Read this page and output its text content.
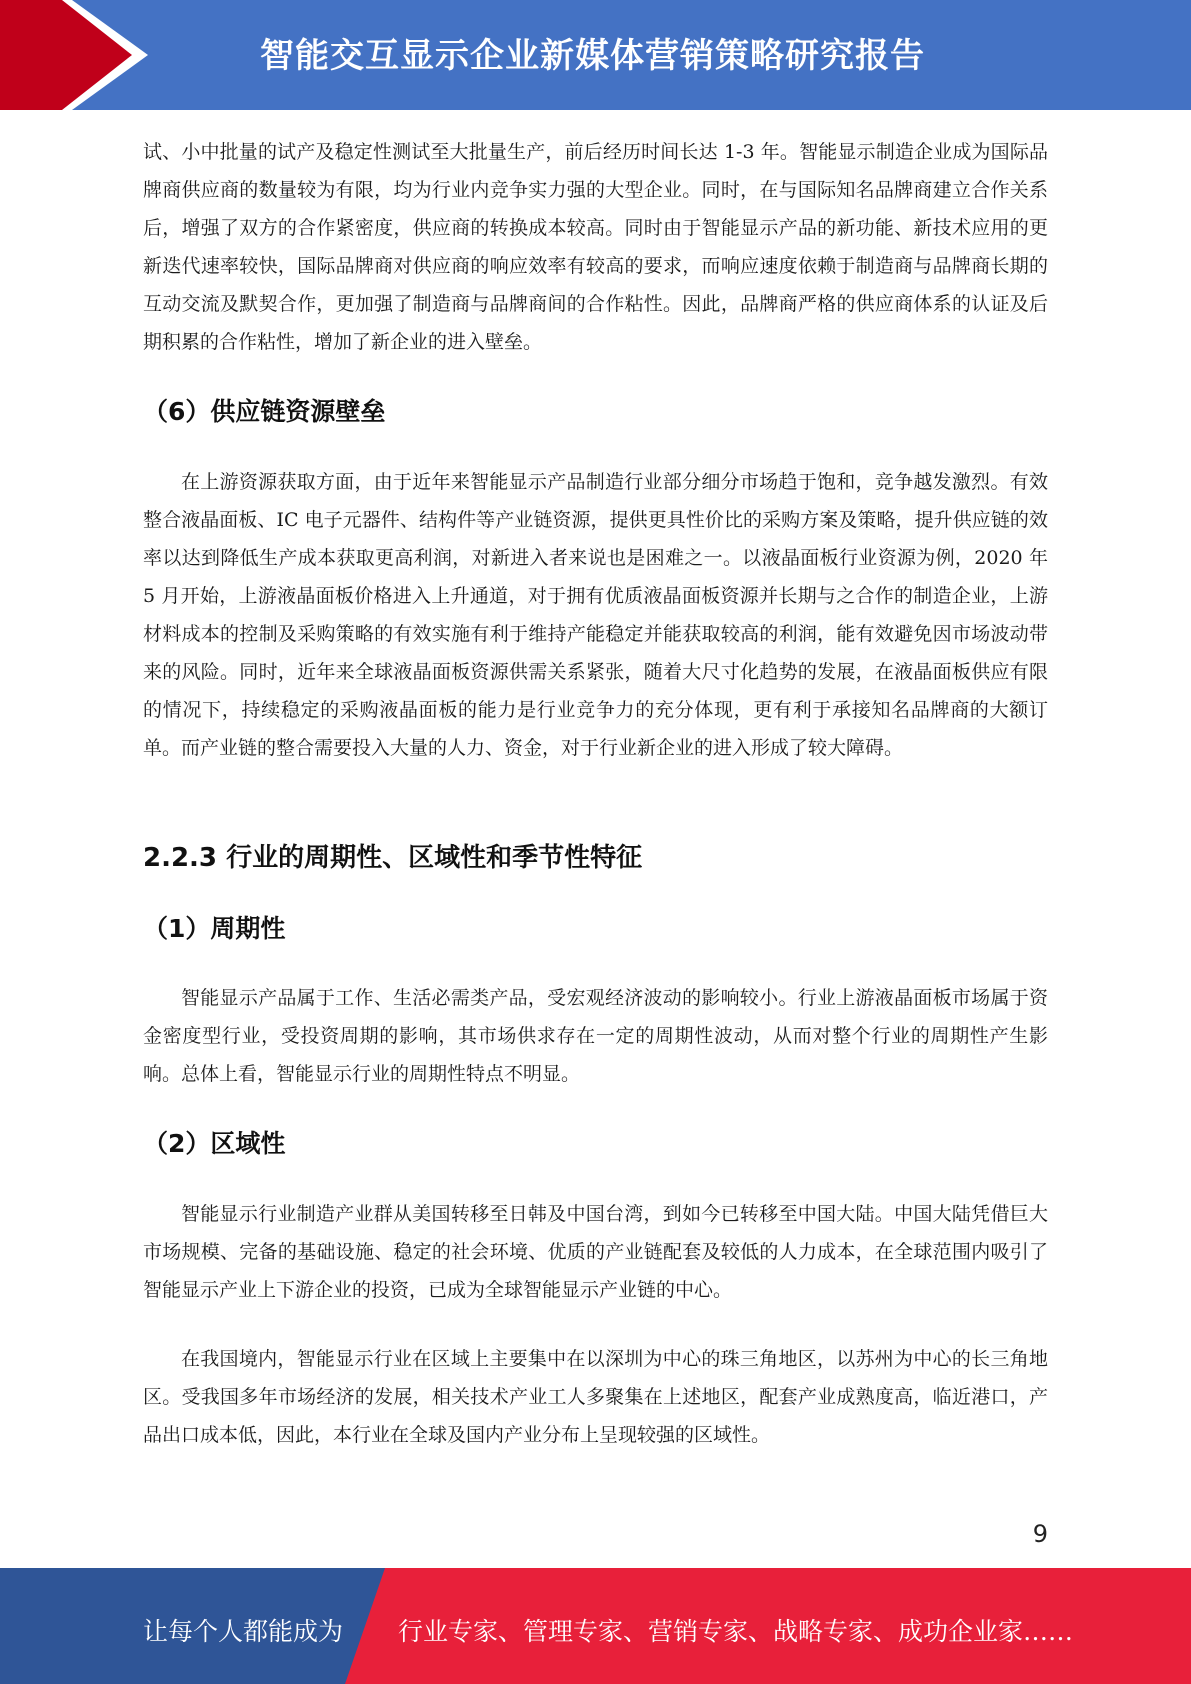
智能交互显示企业新媒体营销策略研究报告

试、小中批量的试产及稳定性测试至大批量生产，前后经历时间长达 1-3 年。智能显示制造企业成为国际品牌商供应商的数量较为有限，均为行业内竞争实力强的大型企业。同时，在与国际知名品牌商建立合作关系后，增强了双方的合作紧密度，供应商的转换成本较高。同时由于智能显示产品的新功能、新技术应用的更新迭代速率较快，国际品牌商对供应商的响应效率有较高的要求，而响应速度依赖于制造商与品牌商长期的互动交流及默契合作，更加强了制造商与品牌商间的合作粘性。因此，品牌商严格的供应商体系的认证及后期积累的合作粘性，增加了新企业的进入壁垒。

（6）供应链资源壁垒

在上游资源获取方面，由于近年来智能显示产品制造行业部分细分市场趋于饱和，竞争越发激烈。有效整合液晶面板、IC 电子元器件、结构件等产业链资源，提供更具性价比的采购方案及策略，提升供应链的效率以达到降低生产成本获取更高利润，对新进入者来说也是困难之一。以液晶面板行业资源为例，2020 年 5 月开始，上游液晶面板价格进入上升通道，对于拥有优质液晶面板资源并长期与之合作的制造企业，上游材料成本的控制及采购策略的有效实施有利于维持产能稳定并能获取较高的利润，能有效避免因市场波动带来的风险。同时，近年来全球液晶面板资源供需关系紧张，随着大尺寸化趋势的发展，在液晶面板供应有限的情况下，持续稳定的采购液晶面板的能力是行业竞争力的充分体现，更有利于承接知名品牌商的大额订单。而产业链的整合需要投入大量的人力、资金，对于行业新企业的进入形成了较大障碍。

2.2.3 行业的周期性、区域性和季节性特征
（1）周期性

智能显示产品属于工作、生活必需类产品，受宏观经济波动的影响较小。行业上游液晶面板市场属于资金密度型行业，受投资周期的影响，其市场供求存在一定的周期性波动，从而对整个行业的周期性产生影响。总体上看，智能显示行业的周期性特点不明显。

（2）区域性

智能显示行业制造产业群从美国转移至日韩及中国台湾，到如今已转移至中国大陆。中国大陆凭借巨大市场规模、完备的基础设施、稳定的社会环境、优质的产业链配套及较低的人力成本，在全球范围内吸引了智能显示产业上下游企业的投资，已成为全球智能显示产业链的中心。

在我国境内，智能显示行业在区域上主要集中在以深圳为中心的珠三角地区，以苏州为中心的长三角地区。受我国多年市场经济的发展，相关技术产业工人多聚集在上述地区，配套产业成熟度高，临近港口，产品出口成本低，因此，本行业在全球及国内产业分布上呈现较强的区域性。

9
让每个人都能成为 行业专家、管理专家、营销专家、战略专家、成功企业家……
